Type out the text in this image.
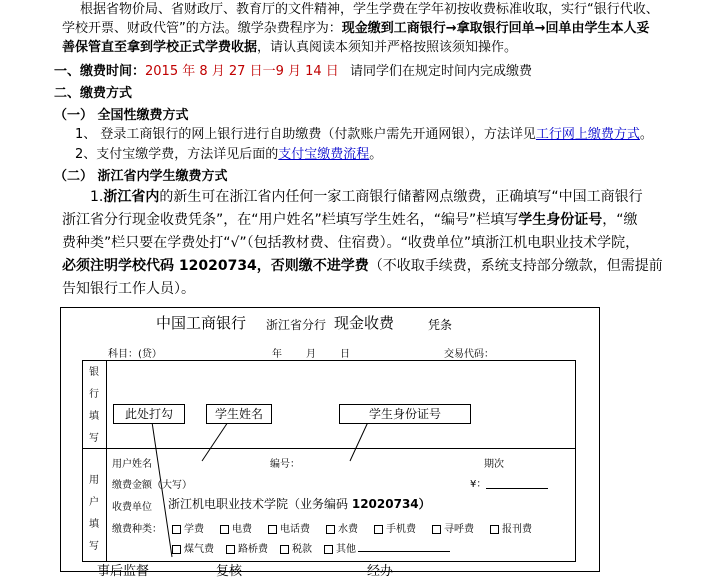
根据省物价局、省财政厅、教育厅的文件精神，学生学费在学年初按收费标准收取，实行“银行代收、
学校开票、财政代管”的方法。缴学杂费程序为：现金缴到工商银行→拿取银行回单→回单由学生本人妥
善保管直至拿到学校正式学费收据，请认真阅读本须知并严格按照该须知操作。
一、缴费时间：2015 年 8 月 27 日一9 月 14 日 请同学们在规定时间内完成缴费
二、缴费方式
（一） 全国性缴费方式
1、 登录工商银行的网上银行进行自助缴费（付款账户需先开通网银），方法详见工行网上缴费方式。
2、支付宝缴学费，方法详见后面的支付宝缴费流程。
（二） 浙江省内学生缴费方式
1.浙江省内的新生可在浙江省内任何一家工商银行储蓄网点缴费，正确填写“中国工商银行
浙江省分行现金收费凭条”，在“用户姓名”栏填写学生姓名，“编号”栏填写学生身份证号，“缴
费种类”栏只要在学费处打“√”（包括教材费、住宿费）。“收费单位”填浙江机电职业技术学院，
必须注明学校代码 12020734，否则缴不进学费（不收取手续费，系统支持部分缴款，但需提前
告知银行工作人员）。
中国工商银行 浙江省分行 现金收费	凭条
科目：(贷）	年 月 日	交易代码：
银
行
填
写
用
户
填
写
此处打勾	学生姓名	学生身份证号
用户姓名	编号：	期次
缴费金额（大写）	¥：
收费单位 浙江机电职业技术学院（业务编码 12020734）
缴费种类：	学费	电费	电话费	水费	手机费	寻呼费	报刊费
煤气费 路桥费 税款 其他
事后监督	复核	经办
